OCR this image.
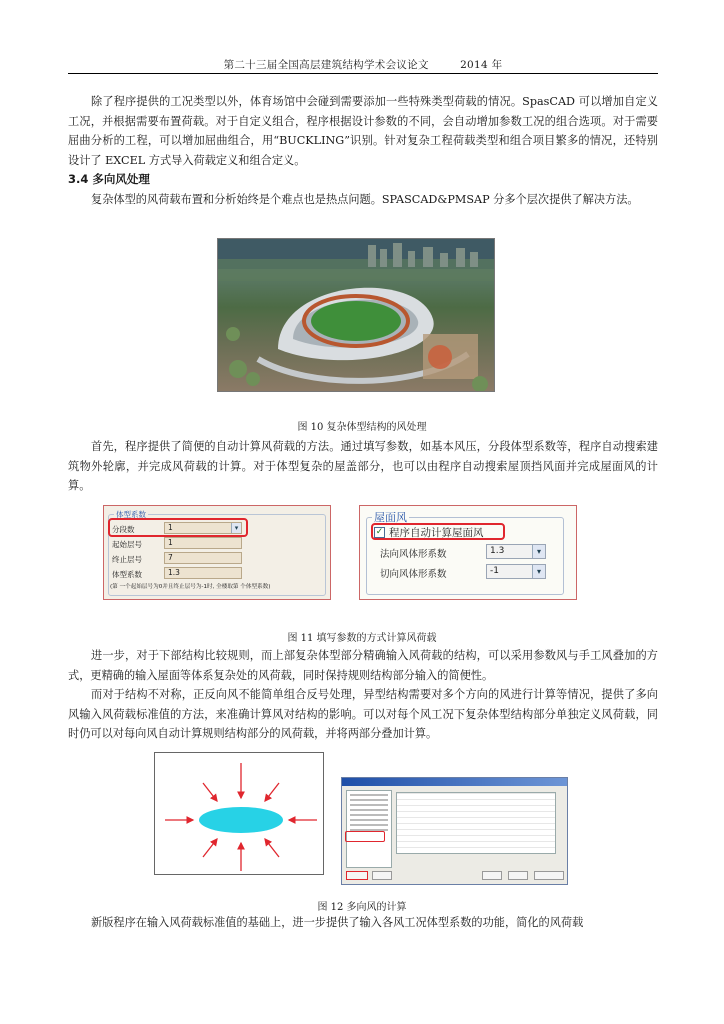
第二十三届全国高层建筑结构学术会议论文	2014 年

除了程序提供的工况类型以外，体育场馆中会碰到需要添加一些特殊类型荷载的情况。SpasCAD 可以增加自定义工况，并根据需要布置荷载。对于自定义组合，程序根据设计参数的不同，会自动增加参数工况的组合选项。对于需要屈曲分析的工程，可以增加屈曲组合，用“BUCKLING”识别。针对复杂工程荷载类型和组合项目繁多的情况，还特别设计了 EXCEL 方式导入荷载定义和组合定义。

3.4 多向风处理

复杂体型的风荷载布置和分析始终是个难点也是热点问题。SPASCAD&PMSAP 分多个层次提供了解决方法。

图 10 复杂体型结构的风处理

首先，程序提供了简便的自动计算风荷载的方法。通过填写参数，如基本风压，分段体型系数等，程序自动搜索建筑物外轮廓，并完成风荷载的计算。对于体型复杂的屋盖部分，也可以由程序自动搜索屋顶挡风面并完成屋面风的计算。

体型系数
分段数	1	▾
起始层号	1
终止层号	7
体型系数	1.3
(第 一个起始层号为0并且终止层号为-1时, 全楼取第 个体型系数)
屋面风
✓ 程序自动计算屋面风
法向风体形系数	1.3	▾
切向风体形系数	-1	▾
图 11 填写参数的方式计算风荷载

进一步，对于下部结构比较规则，而上部复杂体型部分精确输入风荷载的结构，可以采用参数风与手工风叠加的方式，更精确的输入屋面等体系复杂处的风荷载，同时保持规则结构部分输入的简便性。

而对于结构不对称，正反向风不能简单组合反号处理，异型结构需要对多个方向的风进行计算等情况，提供了多向风输入风荷载标准值的方法，来准确计算风对结构的影响。可以对每个风工况下复杂体型结构部分单独定义风荷载，同时仍可以对每向风自动计算规则结构部分的风荷载，并将两部分叠加计算。

图 12 多向风的计算

新版程序在输入风荷载标准值的基础上，进一步提供了输入各风工况体型系数的功能，简化的风荷载
